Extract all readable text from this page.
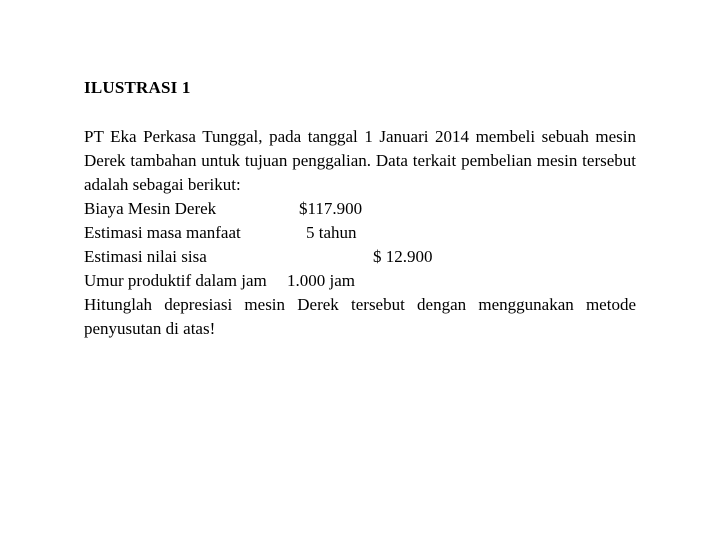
ILUSTRASI 1
PT Eka Perkasa Tunggal, pada tanggal 1 Januari 2014 membeli sebuah mesin Derek tambahan untuk tujuan penggalian. Data terkait pembelian mesin tersebut adalah sebagai berikut:
Biaya Mesin Derek	$117.900
Estimasi masa manfaat	5 tahun
Estimasi nilai sisa	$ 12.900
Umur produktif dalam jam 1.000 jam
Hitunglah depresiasi mesin Derek tersebut dengan menggunakan metode penyusutan di atas!
